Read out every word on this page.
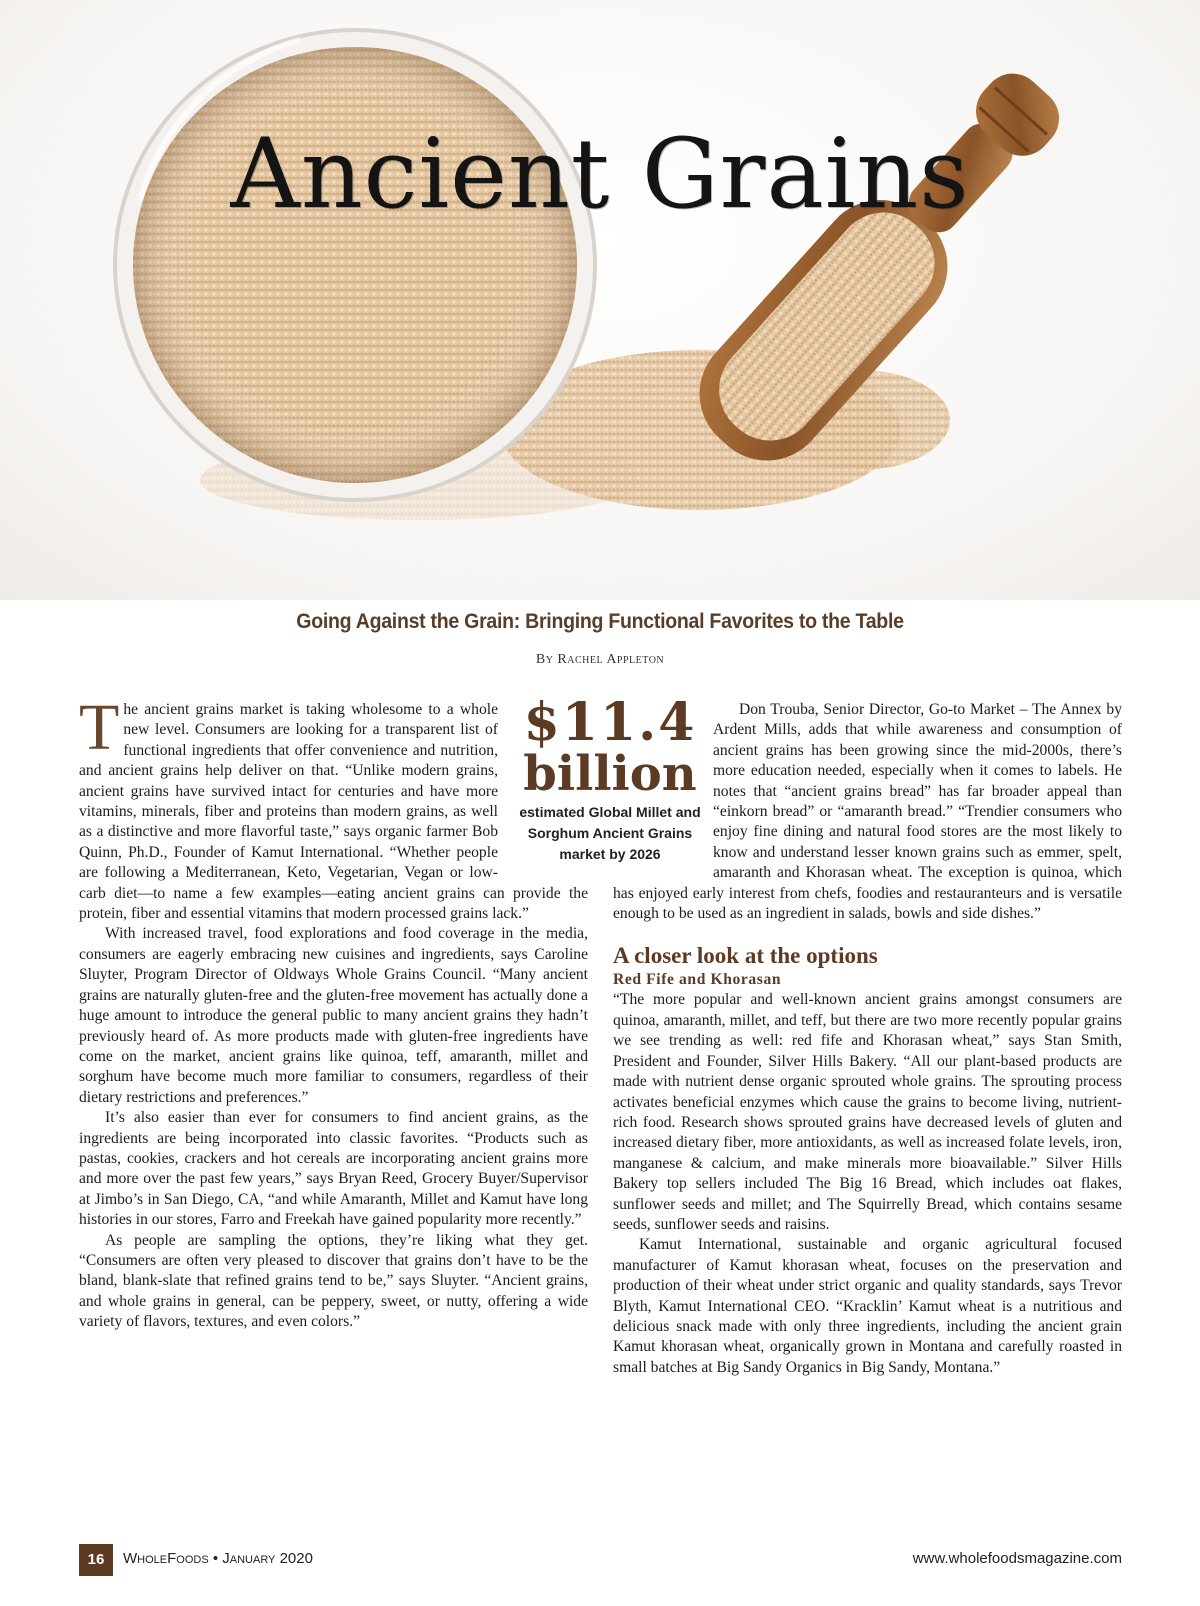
Ancient Grains
Going Against the Grain: Bringing Functional Favorites to the Table
By Rachel Appleton
$11.4
billion
estimated Global Millet and Sorghum Ancient Grains market by 2026

The ancient grains market is taking wholesome to a whole new level. Consumers are looking for a transparent list of functional ingredients that offer convenience and nutrition, and ancient grains help deliver on that. “Unlike modern grains, ancient grains have survived intact for centuries and have more vitamins, minerals, fiber and proteins than modern grains, as well as a distinctive and more flavorful taste,” says organic farmer Bob Quinn, Ph.D., Founder of Kamut International. “Whether people are following a Mediterranean, Keto, Vegetarian, Vegan or low-carb diet—to name a few examples—eating ancient grains can provide the protein, fiber and essential vitamins that modern processed grains lack.”

With increased travel, food explorations and food coverage in the media, consumers are eagerly embracing new cuisines and ingredients, says Caroline Sluyter, Program Director of Oldways Whole Grains Council. “Many ancient grains are naturally gluten-free and the gluten-free movement has actually done a huge amount to introduce the general public to many ancient grains they hadn’t previously heard of. As more products made with gluten-free ingredients have come on the market, ancient grains like quinoa, teff, amaranth, millet and sorghum have become much more familiar to consumers, regardless of their dietary restrictions and preferences.”

It’s also easier than ever for consumers to find ancient grains, as the ingredients are being incorporated into classic favorites. “Products such as pastas, cookies, crackers and hot cereals are incorporating ancient grains more and more over the past few years,” says Bryan Reed, Grocery Buyer/Supervisor at Jimbo’s in San Diego, CA, “and while Amaranth, Millet and Kamut have long histories in our stores, Farro and Freekah have gained popularity more recently.”

As people are sampling the options, they’re liking what they get. “Consumers are often very pleased to discover that grains don’t have to be the bland, blank-slate that refined grains tend to be,” says Sluyter. “Ancient grains, and whole grains in general, can be peppery, sweet, or nutty, offering a wide variety of flavors, textures, and even colors.”

Don Trouba, Senior Director, Go-to Market – The Annex by Ardent Mills, adds that while awareness and consumption of ancient grains has been growing since the mid-2000s, there’s more education needed, especially when it comes to labels. He notes that “ancient grains bread” has far broader appeal than “einkorn bread” or “amaranth bread.” “Trendier consumers who enjoy fine dining and natural food stores are the most likely to know and understand lesser known grains such as emmer, spelt, amaranth and Khorasan wheat. The exception is quinoa, which has enjoyed early interest from chefs, foodies and restauranteurs and is versatile enough to be used as an ingredient in salads, bowls and side dishes.”

A closer look at the options
Red Fife and Khorasan

“The more popular and well-known ancient grains amongst consumers are quinoa, amaranth, millet, and teff, but there are two more recently popular grains we see trending as well: red fife and Khorasan wheat,” says Stan Smith, President and Founder, Silver Hills Bakery. “All our plant-based products are made with nutrient dense organic sprouted whole grains. The sprouting process activates beneficial enzymes which cause the grains to become living, nutrient-rich food. Research shows sprouted grains have decreased levels of gluten and increased dietary fiber, more antioxidants, as well as increased folate levels, iron, manganese & calcium, and make minerals more bioavailable.” Silver Hills Bakery top sellers included The Big 16 Bread, which includes oat flakes, sunflower seeds and millet; and The Squirrelly Bread, which contains sesame seeds, sunflower seeds and raisins.

Kamut International, sustainable and organic agricultural focused manufacturer of Kamut khorasan wheat, focuses on the preservation and production of their wheat under strict organic and quality standards, says Trevor Blyth, Kamut International CEO. “Kracklin’ Kamut wheat is a nutritious and delicious snack made with only three ingredients, including the ancient grain Kamut khorasan wheat, organically grown in Montana and carefully roasted in small batches at Big Sandy Organics in Big Sandy, Montana.”

16	WholeFoods • January 2020	www.wholefoodsmagazine.com
